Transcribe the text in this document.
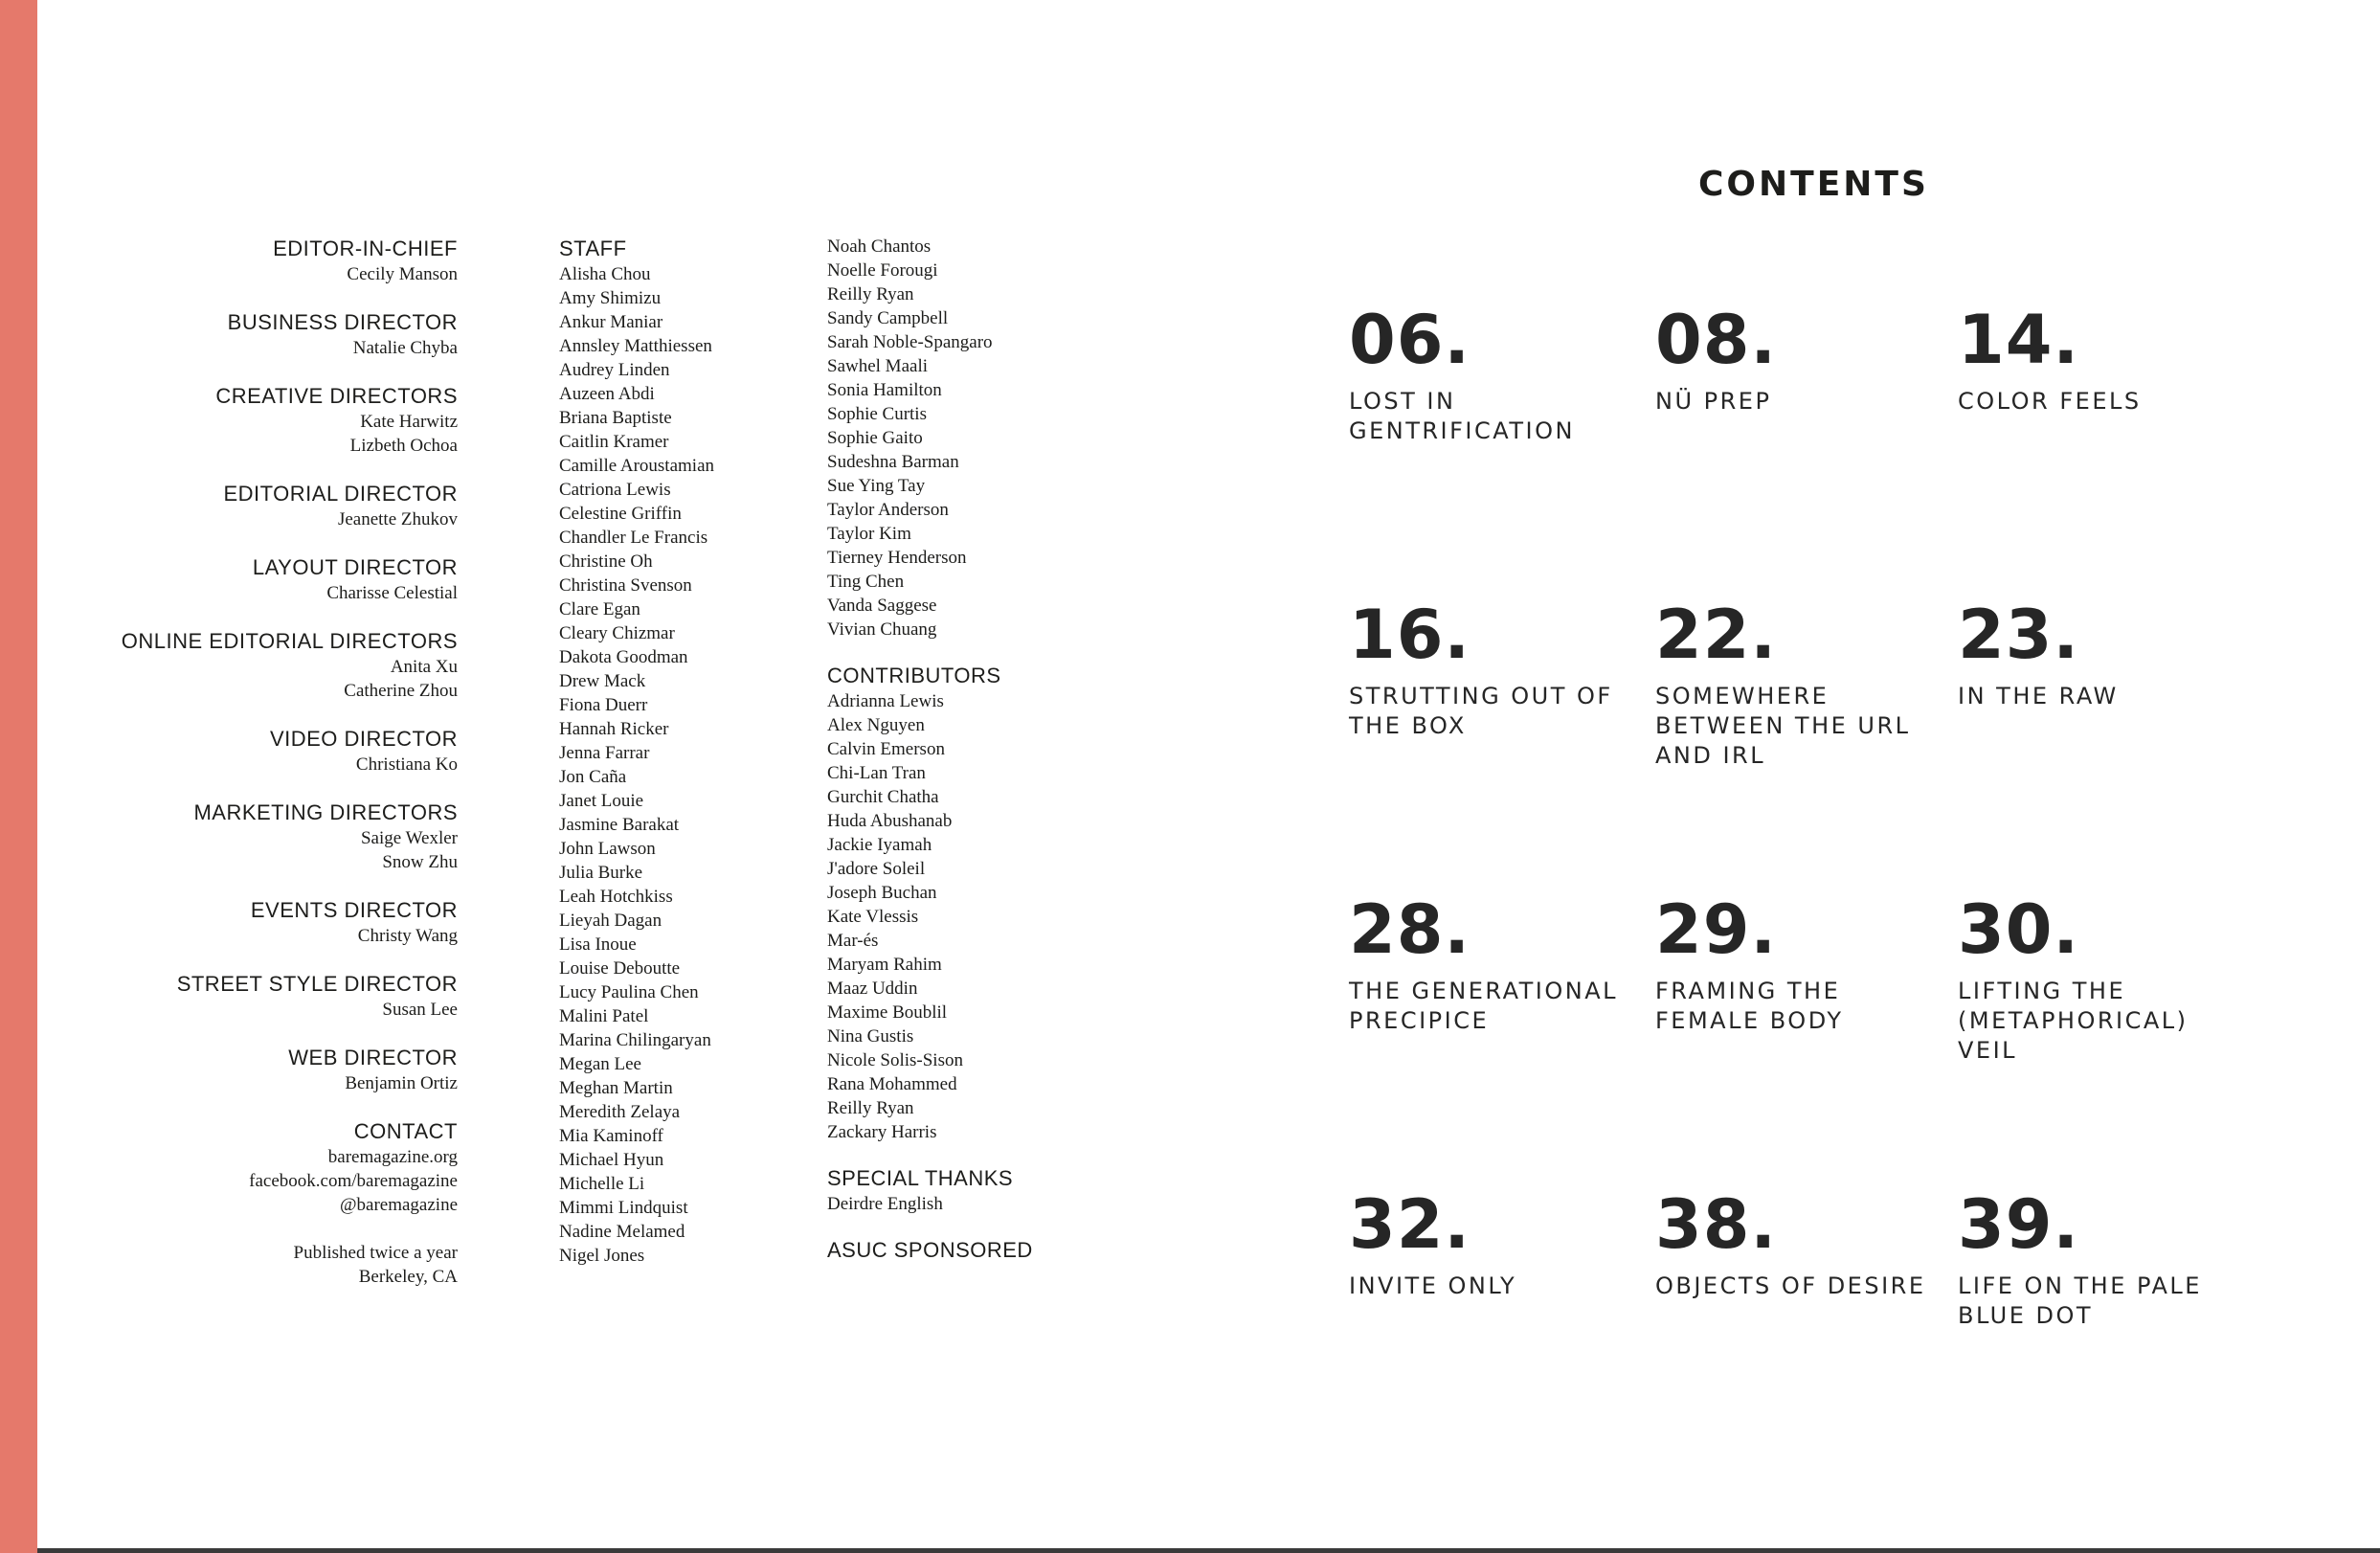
EDITOR-IN-CHIEF
Cecily Manson
BUSINESS DIRECTOR
Natalie Chyba
CREATIVE DIRECTORS
Kate Harwitz
Lizbeth Ochoa
EDITORIAL DIRECTOR
Jeanette Zhukov
LAYOUT DIRECTOR
Charisse Celestial
ONLINE EDITORIAL DIRECTORS
Anita Xu
Catherine Zhou
VIDEO DIRECTOR
Christiana Ko
MARKETING DIRECTORS
Saige Wexler
Snow Zhu
EVENTS DIRECTOR
Christy Wang
STREET STYLE DIRECTOR
Susan Lee
WEB DIRECTOR
Benjamin Ortiz
CONTACT
baremagazine.org
facebook.com/baremagazine
@baremagazine
Published twice a year
Berkeley, CA
STAFF
Alisha Chou
Amy Shimizu
Ankur Maniar
Annsley Matthiessen
Audrey Linden
Auzeen Abdi
Briana Baptiste
Caitlin Kramer
Camille Aroustamian
Catriona Lewis
Celestine Griffin
Chandler Le Francis
Christine Oh
Christina Svenson
Clare Egan
Cleary Chizmar
Dakota Goodman
Drew Mack
Fiona Duerr
Hannah Ricker
Jenna Farrar
Jon Caña
Janet Louie
Jasmine Barakat
John Lawson
Julia Burke
Leah Hotchkiss
Lieyah Dagan
Lisa Inoue
Louise Deboutte
Lucy Paulina Chen
Malini Patel
Marina Chilingaryan
Megan Lee
Meghan Martin
Meredith Zelaya
Mia Kaminoff
Michael Hyun
Michelle Li
Mimmi Lindquist
Nadine Melamed
Nigel Jones
Noah Chantos
Noelle Forougi
Reilly Ryan
Sandy Campbell
Sarah Noble-Spangaro
Sawhel Maali
Sonia Hamilton
Sophie Curtis
Sophie Gaito
Sudeshna Barman
Sue Ying Tay
Taylor Anderson
Taylor Kim
Tierney Henderson
Ting Chen
Vanda Saggese
Vivian Chuang
CONTRIBUTORS
Adrianna Lewis
Alex Nguyen
Calvin Emerson
Chi-Lan Tran
Gurchit Chatha
Huda Abushanab
Jackie Iyamah
J'adore Soleil
Joseph Buchan
Kate Vlessis
Mar-és
Maryam Rahim
Maaz Uddin
Maxime Boublil
Nina Gustis
Nicole Solis-Sison
Rana Mohammed
Reilly Ryan
Zackary Harris
SPECIAL THANKS
Deirdre English
ASUC SPONSORED
CONTENTS
06.
LOST IN
GENTRIFICATION
08.
NÜ PREP
14.
COLOR FEELS
16.
STRUTTING OUT OF
THE BOX
22.
SOMEWHERE
BETWEEN THE URL
AND IRL
23.
IN THE RAW
28.
THE GENERATIONAL
PRECIPICE
29.
FRAMING THE
FEMALE BODY
30.
LIFTING THE
(METAPHORICAL)
VEIL
32.
INVITE ONLY
38.
OBJECTS OF DESIRE
39.
LIFE ON THE PALE
BLUE DOT
